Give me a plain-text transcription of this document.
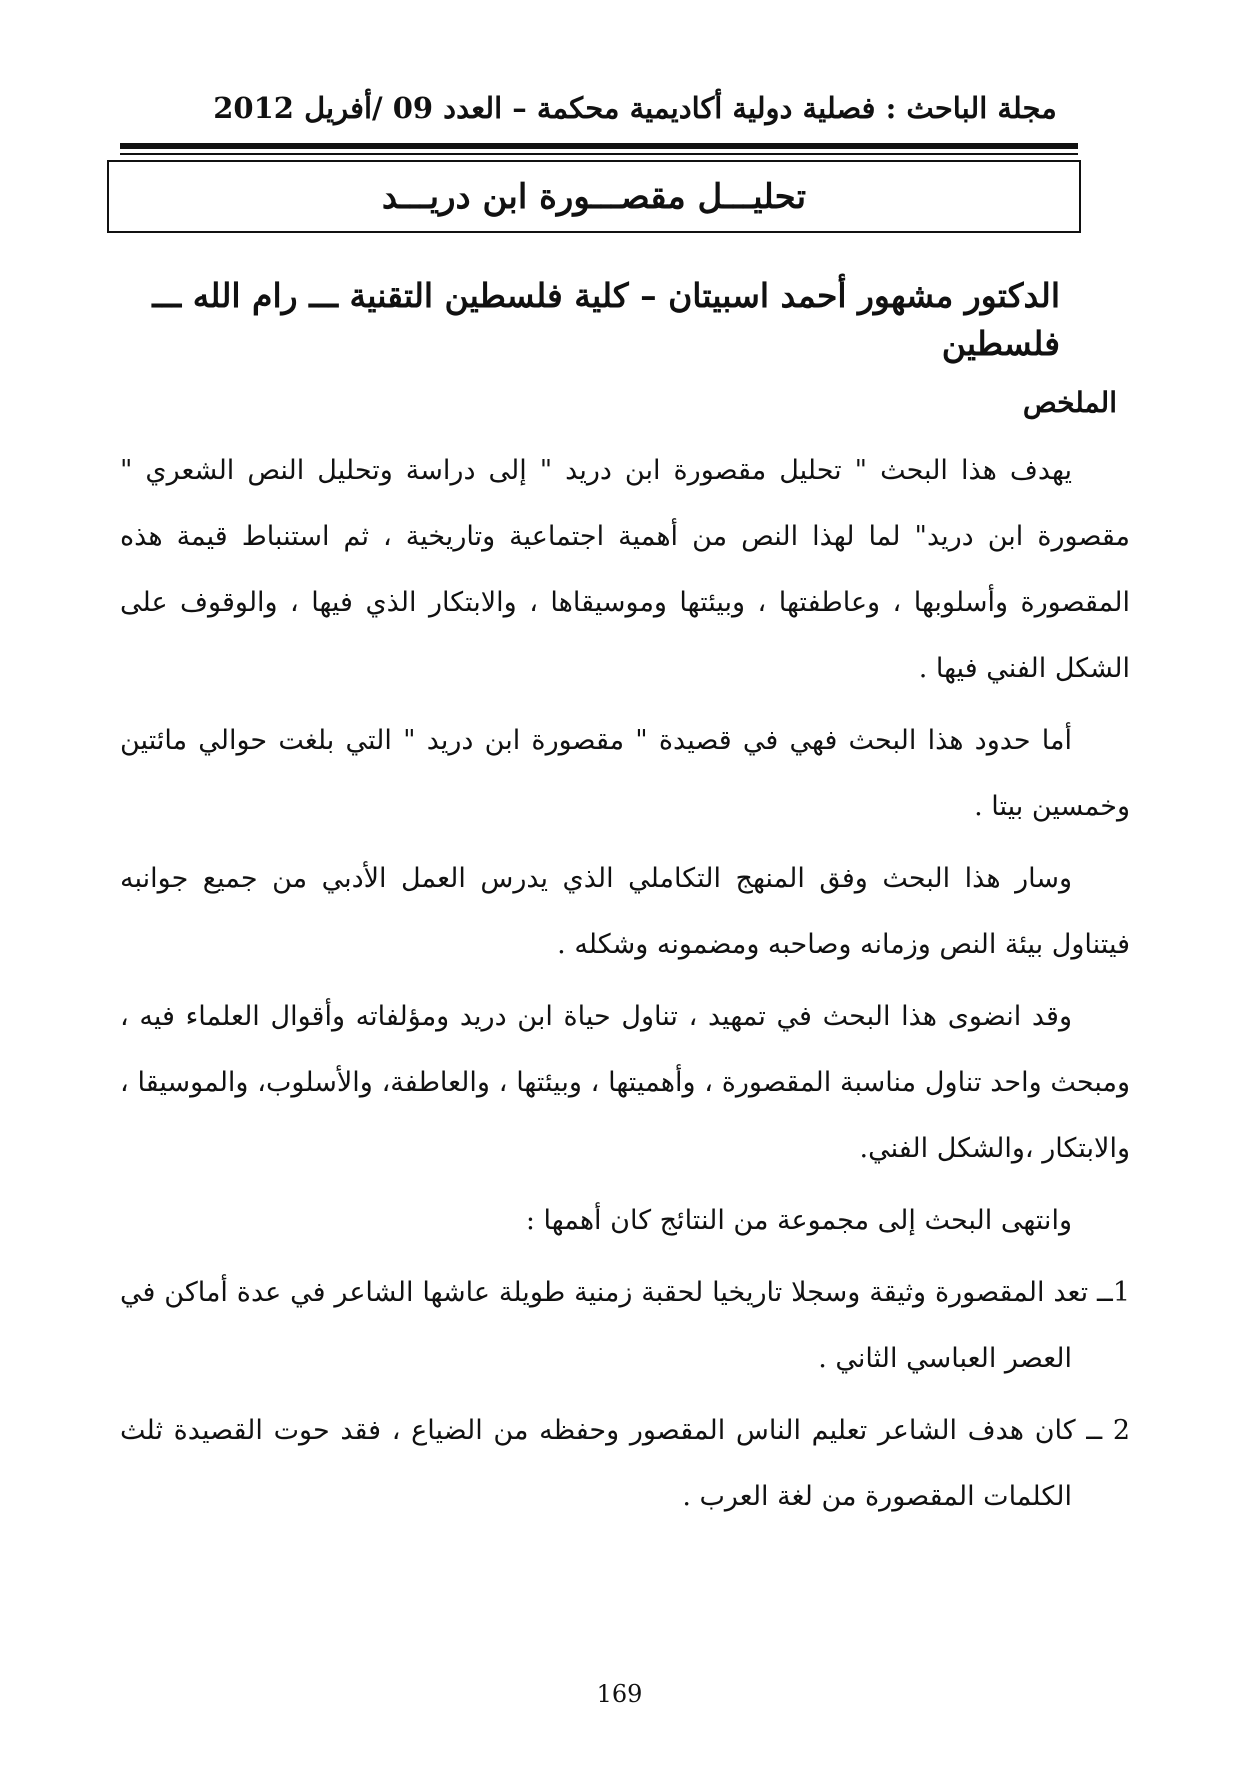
مجلة الباحث : فصلية دولية أكاديمية محكمة – العدد 09 /أفريل 2012
تحليـــل مقصـــورة ابن دريـــد
الدكتور مشهور أحمد اسبيتان – كلية فلسطين التقنية ـــ رام الله ـــ فلسطين
الملخص

يهدف هذا البحث " تحليل مقصورة ابن دريد " إلى دراسة وتحليل النص الشعري " مقصورة ابن دريد" لما لهذا النص من أهمية اجتماعية وتاريخية ، ثم استنباط قيمة هذه المقصورة وأسلوبها ، وعاطفتها ، وبيئتها وموسيقاها ، والابتكار الذي فيها ، والوقوف على الشكل الفني فيها .

أما حدود هذا البحث فهي في قصيدة " مقصورة ابن دريد " التي بلغت حوالي مائتين وخمسين بيتا .

وسار هذا البحث وفق المنهج التكاملي الذي يدرس العمل الأدبي من جميع جوانبه فيتناول بيئة النص وزمانه وصاحبه ومضمونه وشكله .

وقد انضوى هذا البحث في تمهيد ، تناول حياة ابن دريد ومؤلفاته وأقوال العلماء فيه ، ومبحث واحد تناول مناسبة المقصورة ، وأهميتها ، وبيئتها ، والعاطفة، والأسلوب، والموسيقا ، والابتكار ،والشكل الفني.

وانتهى البحث إلى مجموعة من النتائج كان أهمها :

1ــ تعد المقصورة وثيقة وسجلا تاريخيا لحقبة زمنية طويلة عاشها الشاعر في عدة أماكن في العصر العباسي الثاني .

2 ــ كان هدف الشاعر تعليم الناس المقصور وحفظه من الضياع ، فقد حوت القصيدة ثلث الكلمات المقصورة من لغة العرب .

169
